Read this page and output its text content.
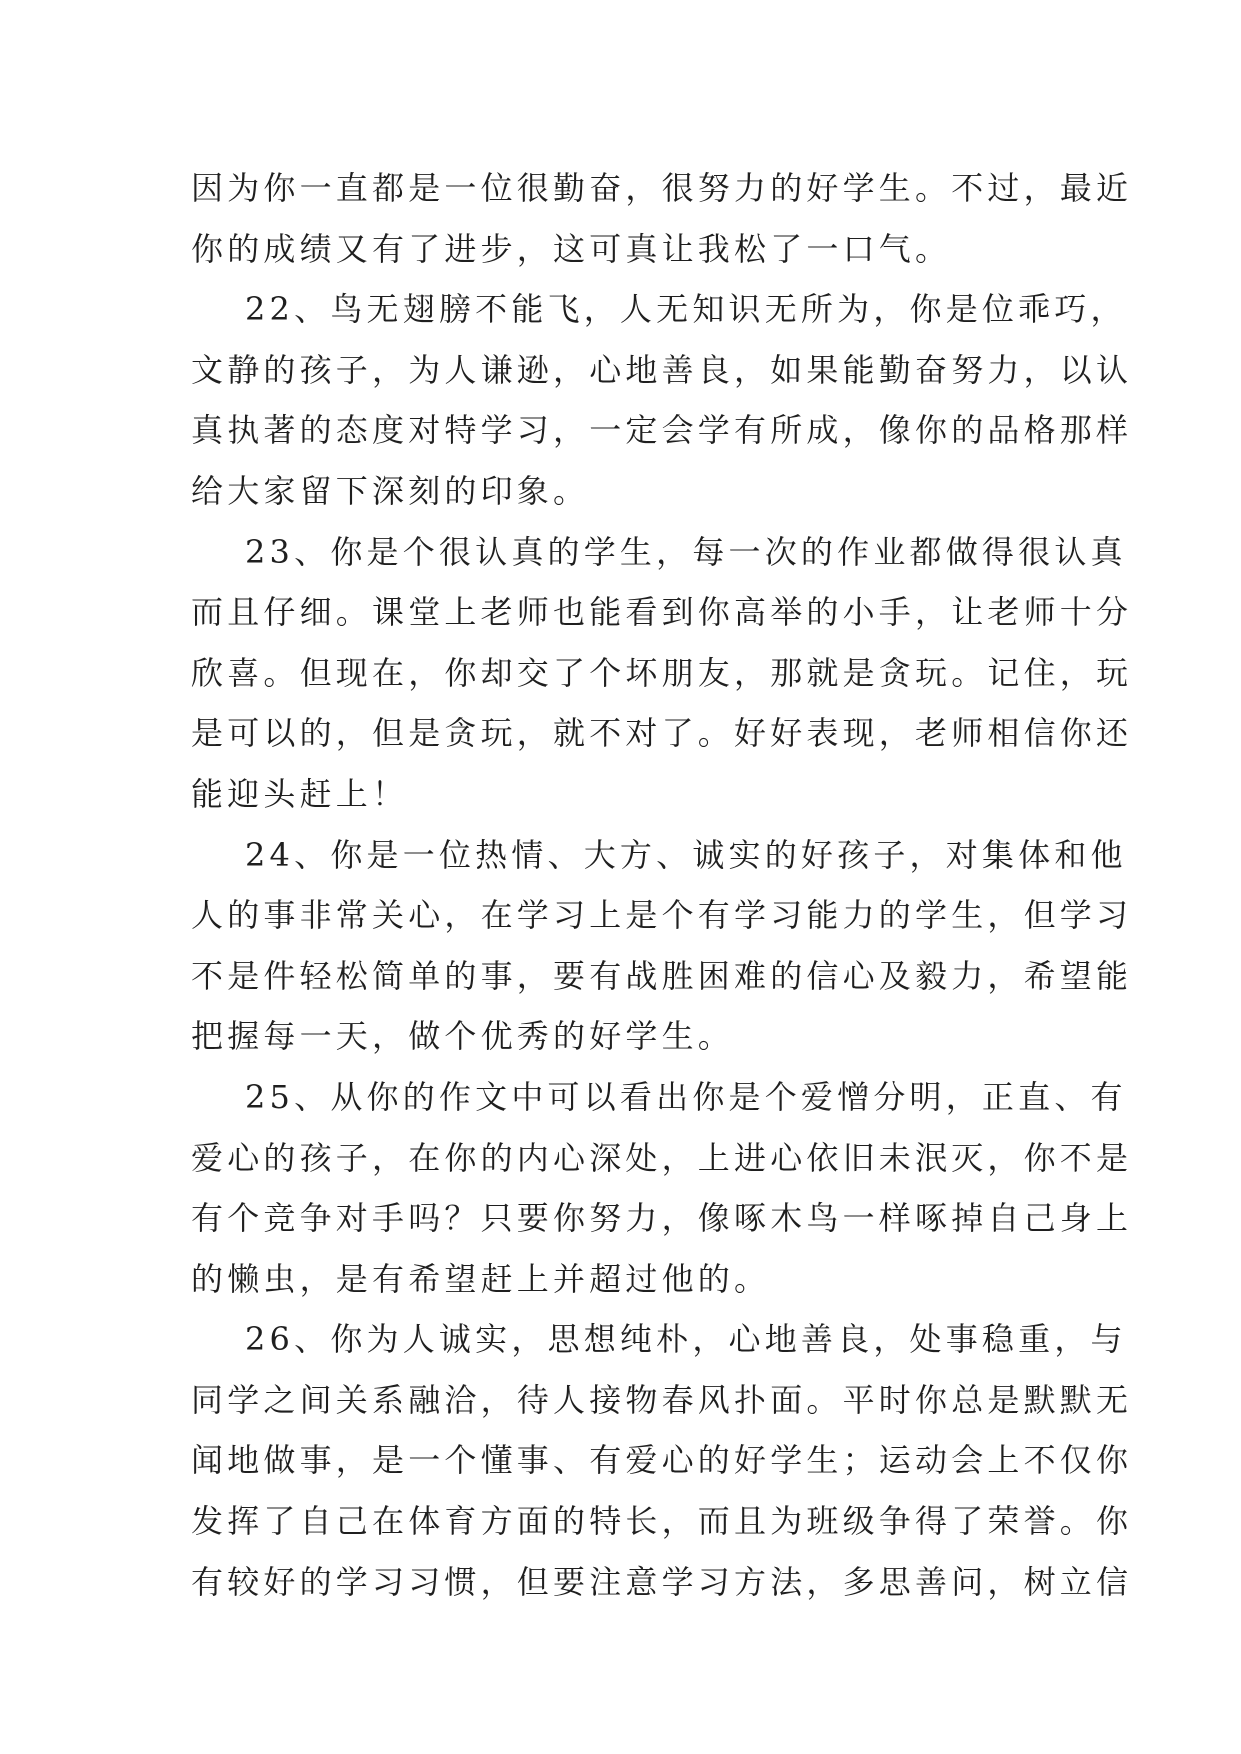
因为你一直都是一位很勤奋，很努力的好学生。不过，最近
你的成绩又有了进步，这可真让我松了一口气。
22、鸟无翅膀不能飞，人无知识无所为，你是位乖巧，
文静的孩子，为人谦逊，心地善良，如果能勤奋努力，以认
真执著的态度对特学习，一定会学有所成，像你的品格那样
给大家留下深刻的印象。
23、你是个很认真的学生，每一次的作业都做得很认真
而且仔细。课堂上老师也能看到你高举的小手，让老师十分
欣喜。但现在，你却交了个坏朋友，那就是贪玩。记住，玩
是可以的，但是贪玩，就不对了。好好表现，老师相信你还
能迎头赶上！
24、你是一位热情、大方、诚实的好孩子，对集体和他
人的事非常关心，在学习上是个有学习能力的学生，但学习
不是件轻松简单的事，要有战胜困难的信心及毅力，希望能
把握每一天，做个优秀的好学生。
25、从你的作文中可以看出你是个爱憎分明，正直、有
爱心的孩子，在你的内心深处，上进心依旧未泯灭，你不是
有个竞争对手吗？只要你努力，像啄木鸟一样啄掉自己身上
的懒虫，是有希望赶上并超过他的。
26、你为人诚实，思想纯朴，心地善良，处事稳重，与
同学之间关系融洽，待人接物春风扑面。平时你总是默默无
闻地做事，是一个懂事、有爱心的好学生；运动会上不仅你
发挥了自己在体育方面的特长，而且为班级争得了荣誉。你
有较好的学习习惯，但要注意学习方法，多思善问，树立信
